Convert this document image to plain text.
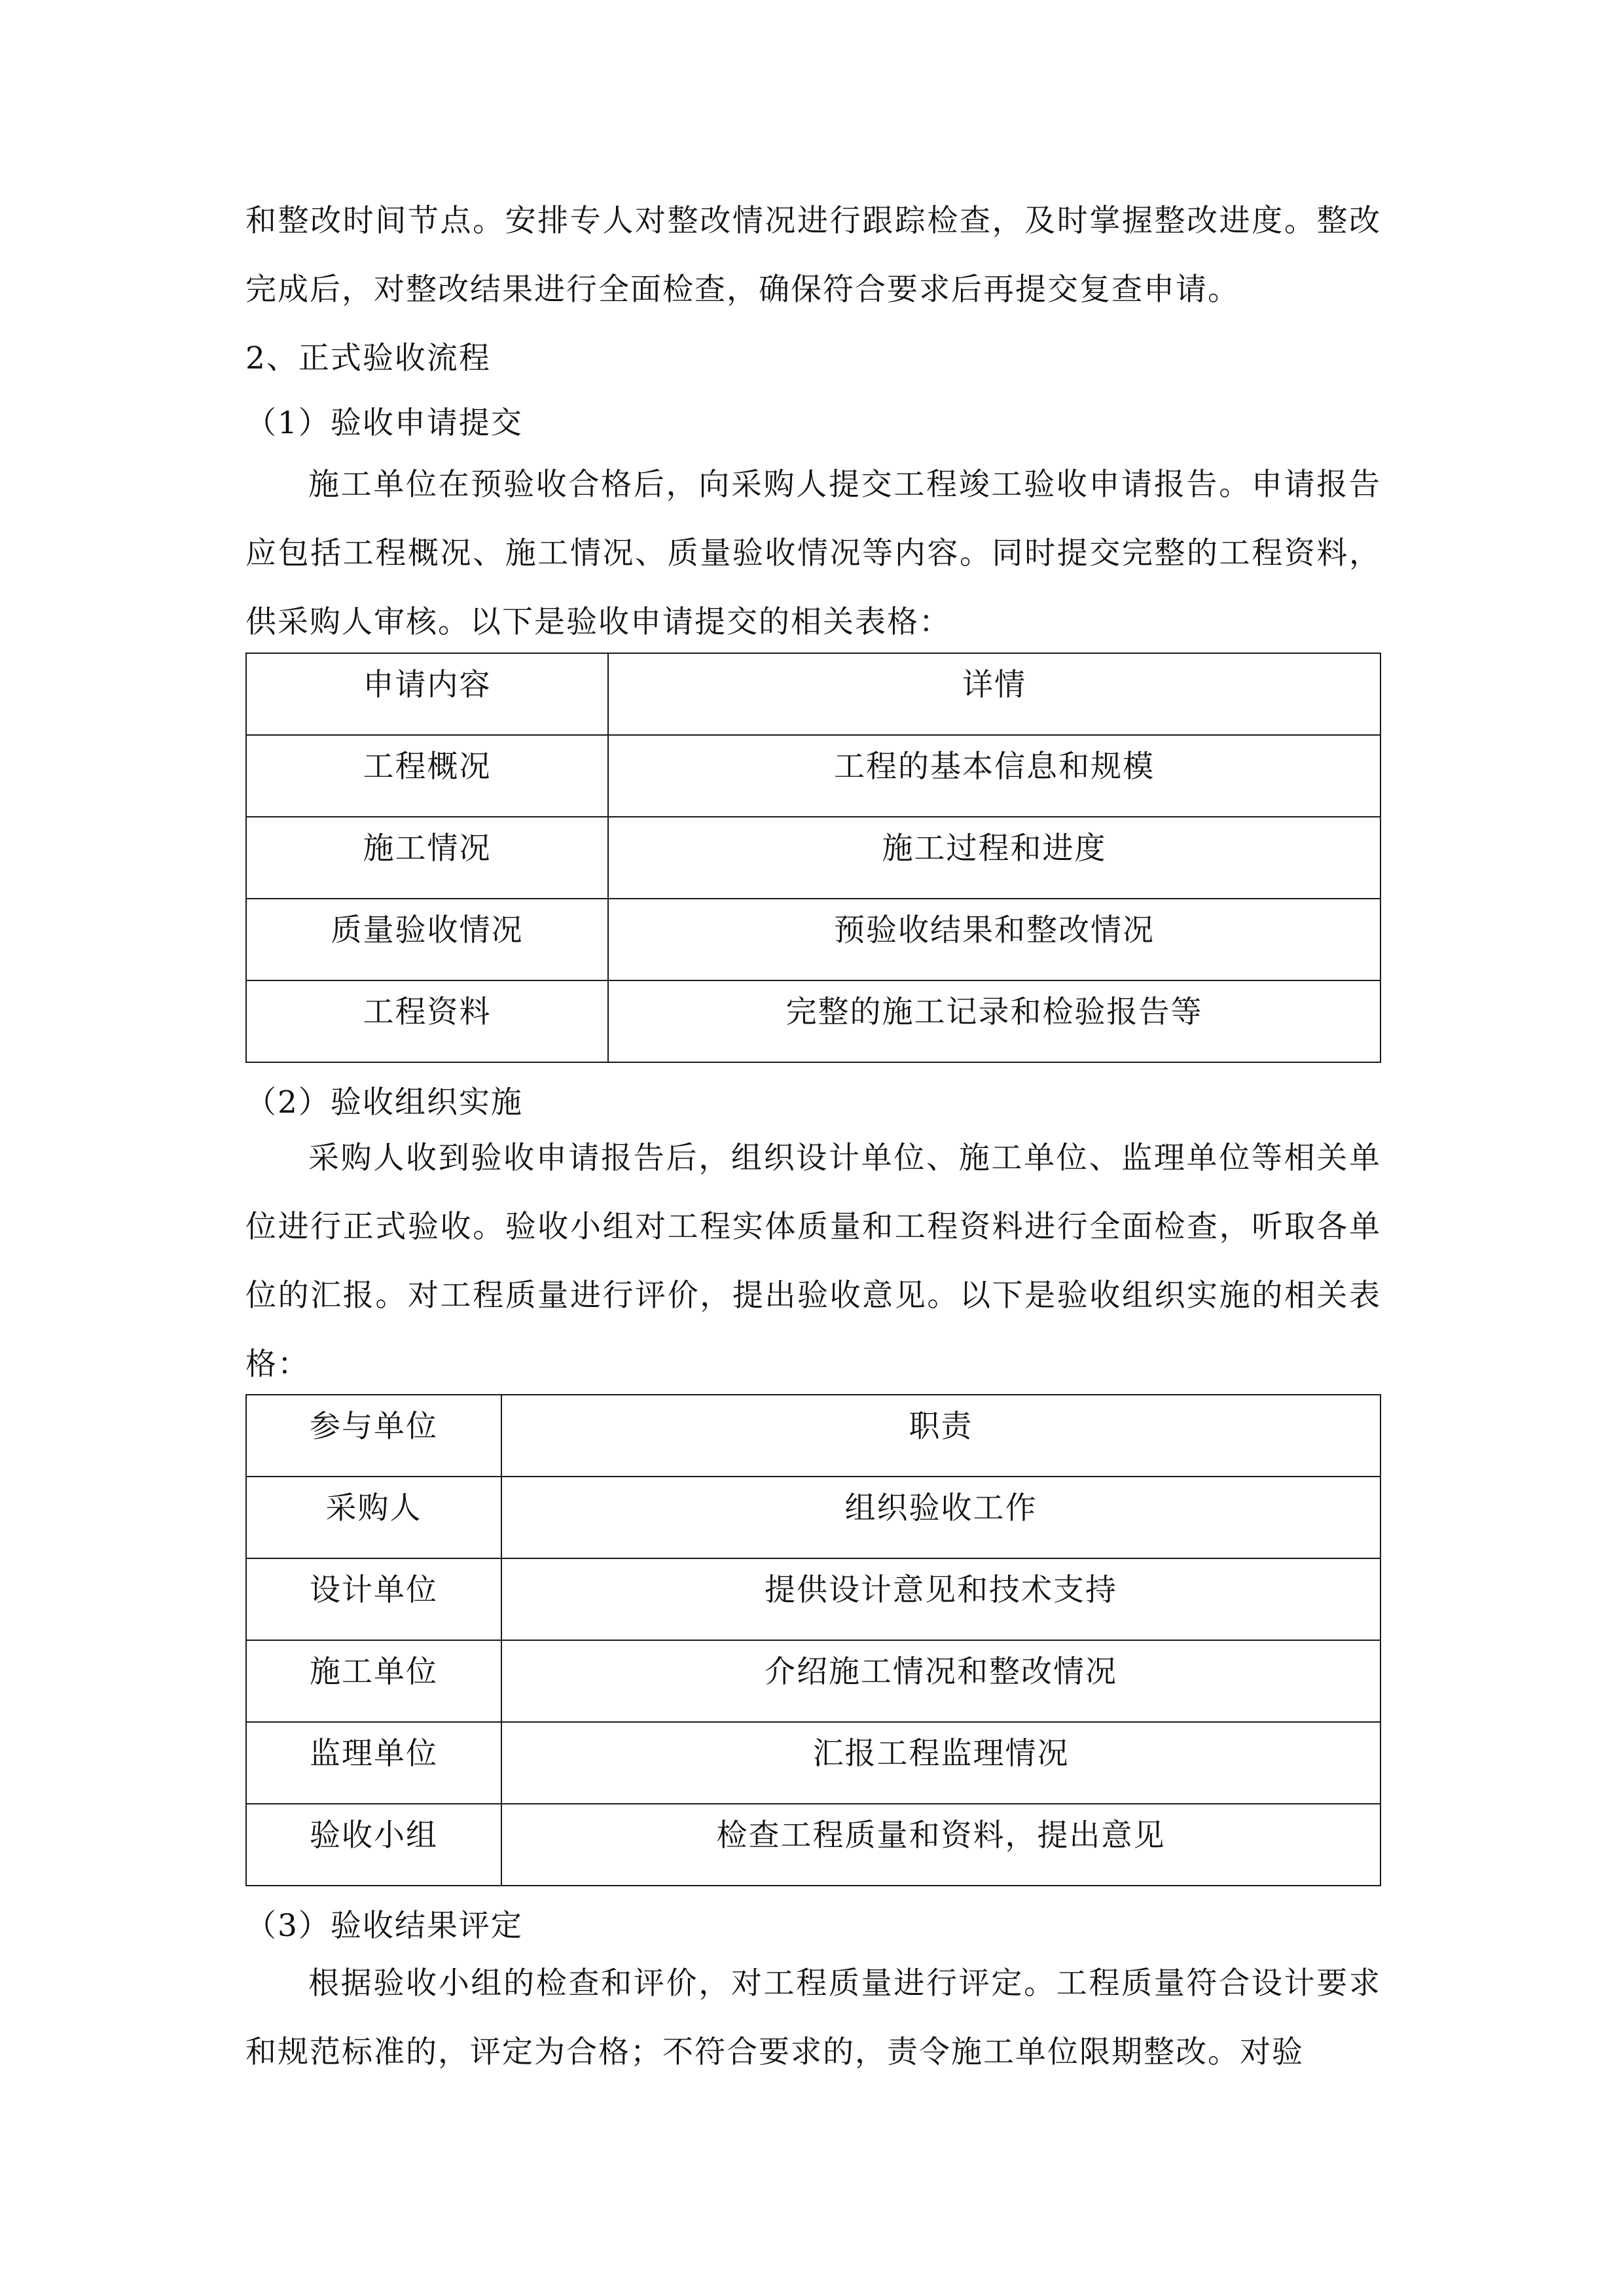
和整改时间节点。安排专人对整改情况进行跟踪检查，及时掌握整改进度。整改完成后，对整改结果进行全面检查，确保符合要求后再提交复查申请。

2、正式验收流程
（1）验收申请提交

施工单位在预验收合格后，向采购人提交工程竣工验收申请报告。申请报告应包括工程概况、施工情况、质量验收情况等内容。同时提交完整的工程资料，供采购人审核。以下是验收申请提交的相关表格：

申请内容	详情
工程概况	工程的基本信息和规模
施工情况	施工过程和进度
质量验收情况	预验收结果和整改情况
工程资料	完整的施工记录和检验报告等
（2）验收组织实施

采购人收到验收申请报告后，组织设计单位、施工单位、监理单位等相关单位进行正式验收。验收小组对工程实体质量和工程资料进行全面检查，听取各单位的汇报。对工程质量进行评价，提出验收意见。以下是验收组织实施的相关表格：

参与单位	职责
采购人	组织验收工作
设计单位	提供设计意见和技术支持
施工单位	介绍施工情况和整改情况
监理单位	汇报工程监理情况
验收小组	检查工程质量和资料，提出意见
（3）验收结果评定

根据验收小组的检查和评价，对工程质量进行评定。工程质量符合设计要求和规范标准的，评定为合格；不符合要求的，责令施工单位限期整改。对验
